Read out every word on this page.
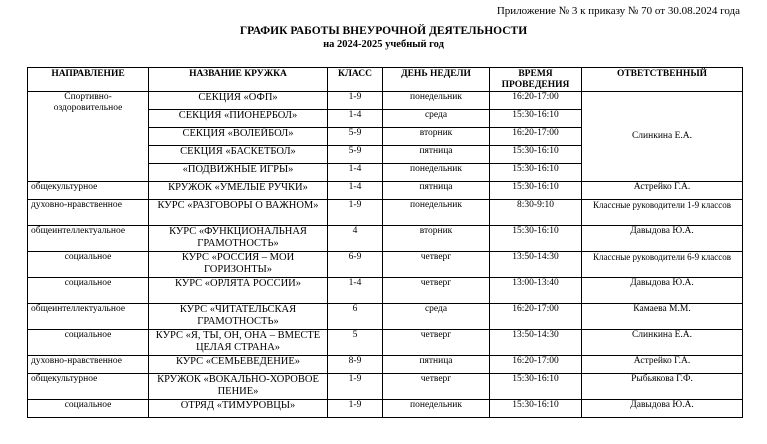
Приложение № 3 к приказу № 70 от 30.08.2024 года
ГРАФИК РАБОТЫ ВНЕУРОЧНОЙ ДЕЯТЕЛЬНОСТИ
на 2024-2025 учебный год
НАПРАВЛЕНИЕ	НАЗВАНИЕ КРУЖКА	КЛАСС	ДЕНЬ НЕДЕЛИ	ВРЕМЯ ПРОВЕДЕНИЯ	ОТВЕТСТВЕННЫЙ
Спортивно-оздоровительное	СЕКЦИЯ «ОФП»	1-9	понедельник	16:20-17:00	Слинкина Е.А.
	СЕКЦИЯ «ПИОНЕРБОЛ»	1-4	среда	15:30-16:10	
	СЕКЦИЯ «ВОЛЕЙБОЛ»	5-9	вторник	16:20-17:00	
	СЕКЦИЯ «БАСКЕТБОЛ»	5-9	пятница	15:30-16:10	
	«ПОДВИЖНЫЕ ИГРЫ»	1-4	понедельник	15:30-16:10	
общекультурное	КРУЖОК «УМЕЛЫЕ РУЧКИ»	1-4	пятница	15:30-16:10	Астрейко Г.А.
духовно-нравственное	КУРС «РАЗГОВОРЫ О ВАЖНОМ»	1-9	понедельник	8:30-9:10	Классные руководители 1-9 классов
общеинтеллектуальное	КУРС «ФУНКЦИОНАЛЬНАЯ ГРАМОТНОСТЬ»	4	вторник	15:30-16:10	Давыдова Ю.А.
социальное	КУРС «РОССИЯ – МОИ ГОРИЗОНТЫ»	6-9	четверг	13:50-14:30	Классные руководители 6-9 классов
социальное	КУРС «ОРЛЯТА РОССИИ»	1-4	четверг	13:00-13:40	Давыдова Ю.А.
общеинтеллектуальное	КУРС «ЧИТАТЕЛЬСКАЯ ГРАМОТНОСТЬ»	6	среда	16:20-17:00	Камаева М.М.
социальное	КУРС «Я, ТЫ, ОН, ОНА – ВМЕСТЕ ЦЕЛАЯ СТРАНА»	5	четверг	13:50-14:30	Слинкина Е.А.
духовно-нравственное	КУРС «СЕМЬЕВЕДЕНИЕ»	8-9	пятница	16:20-17:00	Астрейко Г.А.
общекультурное	КРУЖОК «ВОКАЛЬНО-ХОРОВОЕ ПЕНИЕ»	1-9	четверг	15:30-16:10	Рыбьякова Г.Ф.
социальное	ОТРЯД «ТИМУРОВЦЫ»	1-9	понедельник	15:30-16:10	Давыдова Ю.А.
